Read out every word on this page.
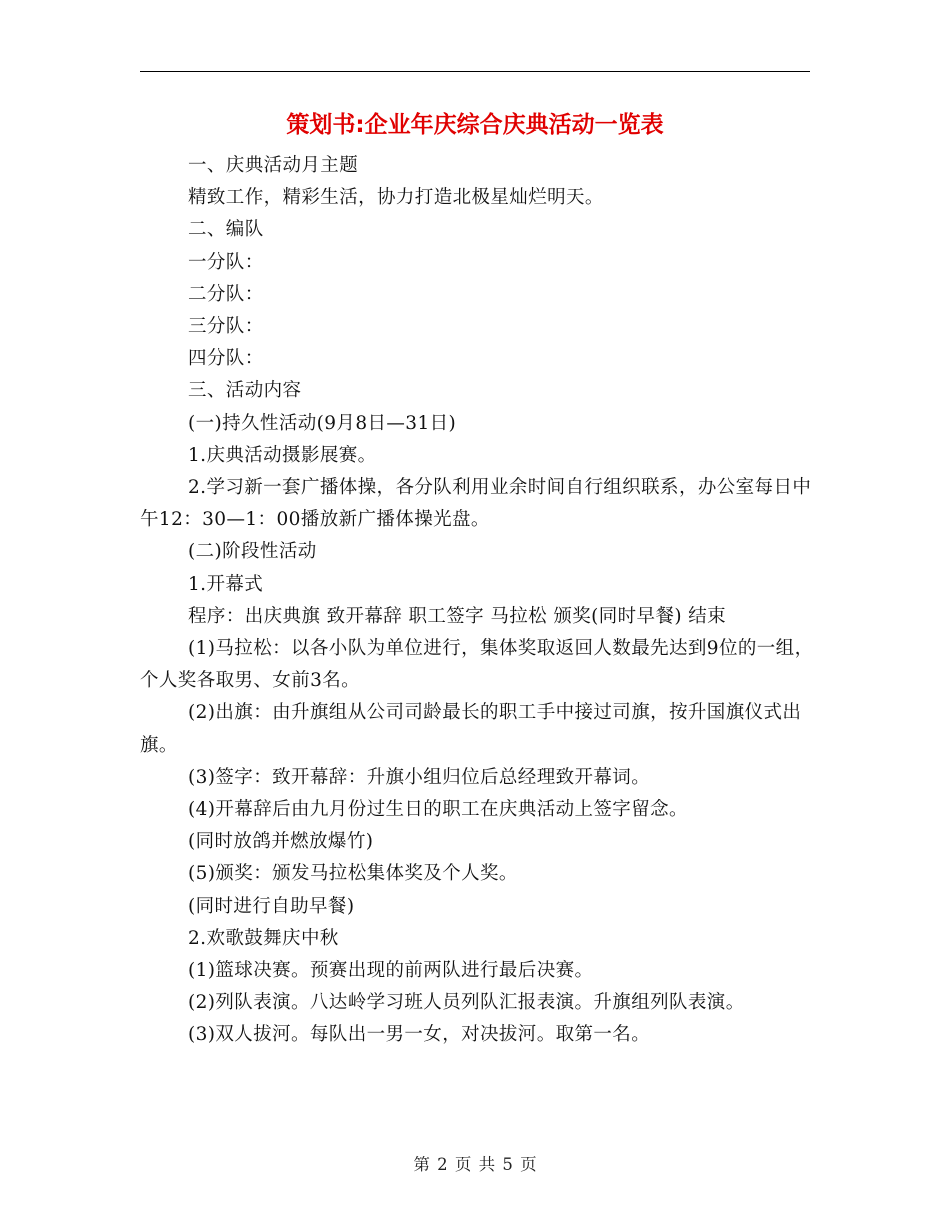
策划书:企业年庆综合庆典活动一览表

一、庆典活动月主题

精致工作，精彩生活，协力打造北极星灿烂明天。

二、编队

一分队：

二分队：

三分队：

四分队：

三、活动内容

(一)持久性活动(9月8日—31日)

1.庆典活动摄影展赛。

2.学习新一套广播体操，各分队利用业余时间自行组织联系，办公室每日中午12：30—1：00播放新广播体操光盘。

(二)阶段性活动

1.开幕式

程序：出庆典旗 致开幕辞 职工签字 马拉松 颁奖(同时早餐) 结束

(1)马拉松：以各小队为单位进行，集体奖取返回人数最先达到9位的一组，个人奖各取男、女前3名。

(2)出旗：由升旗组从公司司龄最长的职工手中接过司旗，按升国旗仪式出旗。

(3)签字：致开幕辞：升旗小组归位后总经理致开幕词。

(4)开幕辞后由九月份过生日的职工在庆典活动上签字留念。

(同时放鸽并燃放爆竹)

(5)颁奖：颁发马拉松集体奖及个人奖。

(同时进行自助早餐)

2.欢歌鼓舞庆中秋

(1)篮球决赛。预赛出现的前两队进行最后决赛。

(2)列队表演。八达岭学习班人员列队汇报表演。升旗组列队表演。

(3)双人拔河。每队出一男一女，对决拔河。取第一名。

第 2 页 共 5 页
